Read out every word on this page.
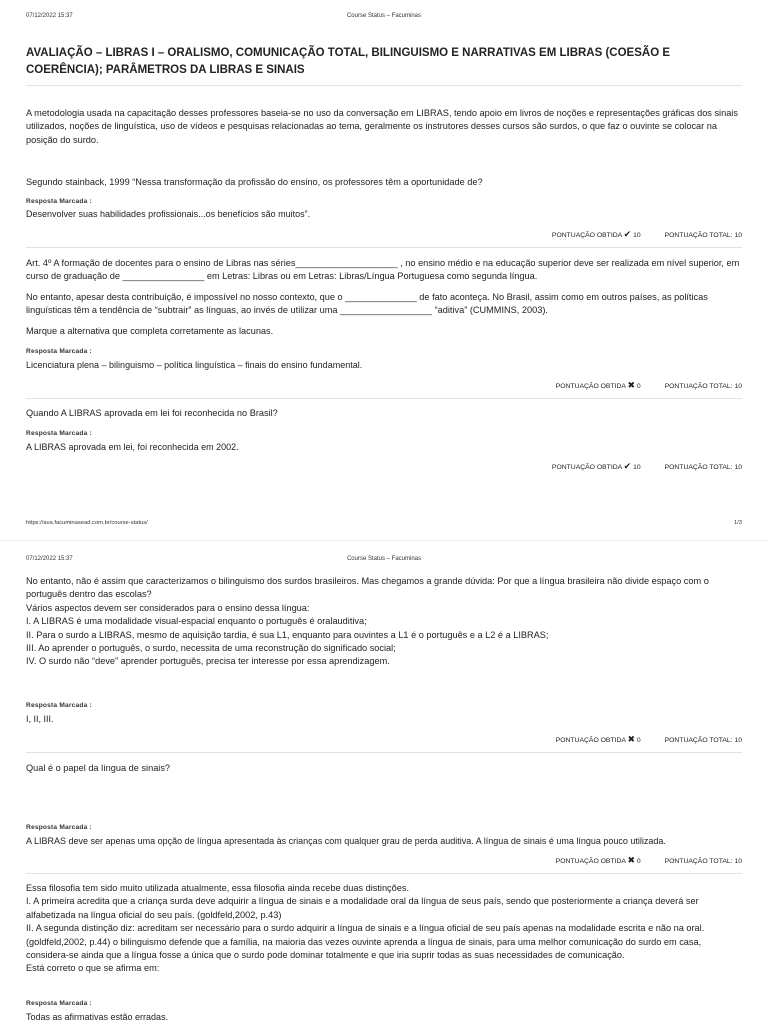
07/12/2022 15:37	Course Status – Facuminas
AVALIAÇÃO – LIBRAS I – ORALISMO, COMUNICAÇÃO TOTAL, BILINGUISMO E NARRATIVAS EM LIBRAS (COESÃO E COERÊNCIA); PARÂMETROS DA LIBRAS E SINAIS

A metodologia usada na capacitação desses professores baseia-se no uso da conversação em LIBRAS, tendo apoio em livros de noções e representações gráficas dos sinais utilizados, noções de linguística, uso de vídeos e pesquisas relacionadas ao tema, geralmente os instrutores desses cursos são surdos, o que faz o ouvinte se colocar na posição do surdo.

Segundo stainback, 1999 “Nessa transformação da profissão do ensino, os professores têm a oportunidade de?

Resposta Marcada :
Desenvolver suas habilidades profissionais...os benefícios são muitos”.
PONTUAÇÃO OBTIDA ✔ 10	PONTUAÇÃO TOTAL: 10

Art. 4º A formação de docentes para o ensino de Libras nas séries____________________ , no ensino médio e na educação superior deve ser realizada em nível superior, em curso de graduação de ________________ em Letras: Libras ou em Letras: Libras/Língua Portuguesa como segunda língua.

No entanto, apesar desta contribuição, é impossível no nosso contexto, que o ______________ de fato aconteça. No Brasil, assim como em outros países, as políticas linguísticas têm a tendência de “subtrair” as línguas, ao invés de utilizar uma __________________ “aditiva” (CUMMINS, 2003).

Marque a alternativa que completa corretamente as lacunas.

Resposta Marcada :
Licenciatura plena – bilinguismo – política linguística – finais do ensino fundamental.
PONTUAÇÃO OBTIDA ✖ 0	PONTUAÇÃO TOTAL: 10

Quando A LIBRAS aprovada em lei foi reconhecida no Brasil?

Resposta Marcada :
A LIBRAS aprovada em lei, foi reconhecida em 2002.
PONTUAÇÃO OBTIDA ✔ 10	PONTUAÇÃO TOTAL: 10
https://ava.facuminasead.com.br/course-status/	1/3
07/12/2022 15:37	Course Status – Facuminas

No entanto, não é assim que caracterizamos o bilinguismo dos surdos brasileiros. Mas chegamos a grande dúvida: Por que a língua brasileira não divide espaço com o português dentro das escolas?

Vários aspectos devem ser considerados para o ensino dessa língua:

I. A LIBRAS é uma modalidade visual-espacial enquanto o português é oralauditiva;

II. Para o surdo a LIBRAS, mesmo de aquisição tardia, é sua L1, enquanto para ouvintes a L1 é o português e a L2 é a LIBRAS;

III. Ao aprender o português, o surdo, necessita de uma reconstrução do significado social;

IV. O surdo não “deve” aprender português, precisa ter interesse por essa aprendizagem.

Resposta Marcada :
I, II, III.
PONTUAÇÃO OBTIDA ✖ 0	PONTUAÇÃO TOTAL: 10

Qual é o papel da língua de sinais?

Resposta Marcada :
A LIBRAS deve ser apenas uma opção de língua apresentada às crianças com qualquer grau de perda auditiva. A língua de sinais é uma língua pouco utilizada.
PONTUAÇÃO OBTIDA ✖ 0	PONTUAÇÃO TOTAL: 10

Essa filosofia tem sido muito utilizada atualmente, essa filosofia ainda recebe duas distinções.

I. A primeira acredita que a criança surda deve adquirir a língua de sinais e a modalidade oral da língua de seus país, sendo que posteriormente a criança deverá ser alfabetizada na língua oficial do seu país. (goldfeld,2002, p.43)

II. A segunda distinção diz: acreditam ser necessário para o surdo adquirir a língua de sinais e a língua oficial de seu país apenas na modalidade escrita e não na oral. (goldfeld,2002, p.44) o bilinguismo defende que a família, na maioria das vezes ouvinte aprenda a língua de sinais, para uma melhor comunicação do surdo em casa, considera-se ainda que a língua fosse a única que o surdo pode dominar totalmente e que iria suprir todas as suas necessidades de comunicação.

Está correto o que se afirma em:

Resposta Marcada :
Todas as afirmativas estão erradas.
